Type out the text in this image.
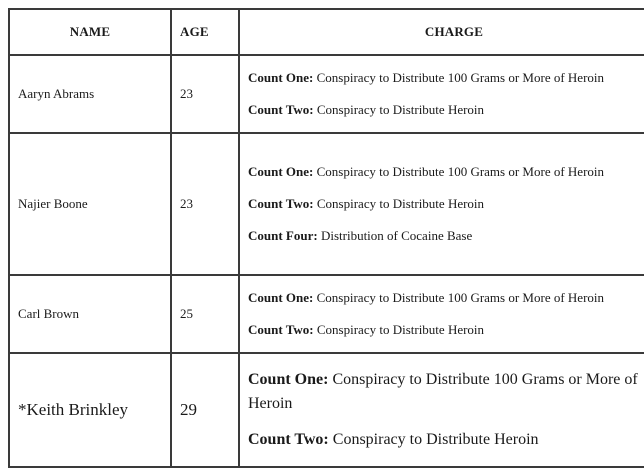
NAME	AGE	CHARGE
Aaryn Abrams	23	Count One: Conspiracy to Distribute 100 Grams or More of Heroin

Count Two: Conspiracy to Distribute Heroin

Najier Boone	23	Count One: Conspiracy to Distribute 100 Grams or More of Heroin

Count Two: Conspiracy to Distribute Heroin

Count Four: Distribution of Cocaine Base

Carl Brown	25	Count One: Conspiracy to Distribute 100 Grams or More of Heroin

Count Two: Conspiracy to Distribute Heroin

*Keith Brinkley	29	Count One: Conspiracy to Distribute 100 Grams or More of Heroin

Count Two: Conspiracy to Distribute Heroin
